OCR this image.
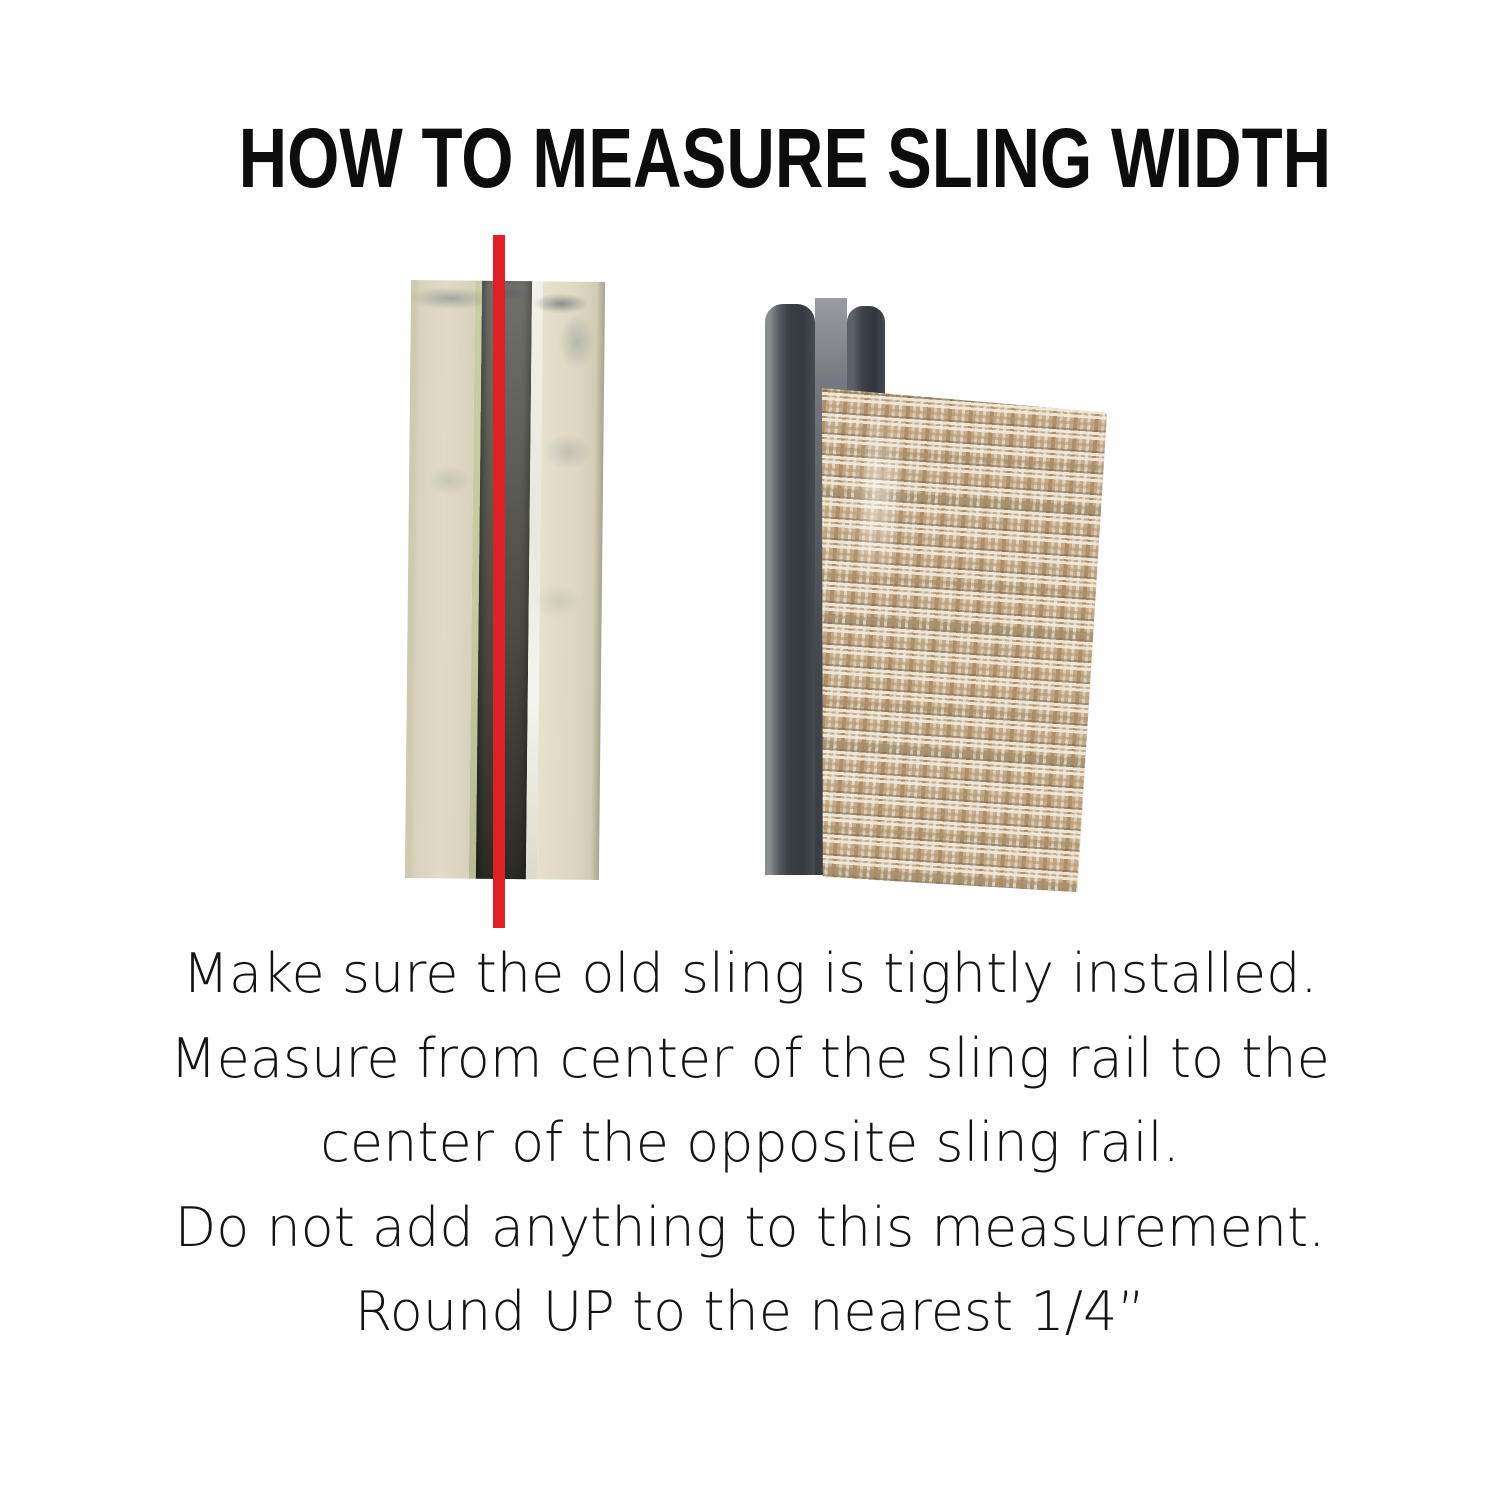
HOW TO MEASURE SLING WIDTH

Make sure the old sling is tightly installed.

Measure from center of the sling rail to the

center of the opposite sling rail.

Do not add anything to this measurement.

Round UP to the nearest 1/4”
